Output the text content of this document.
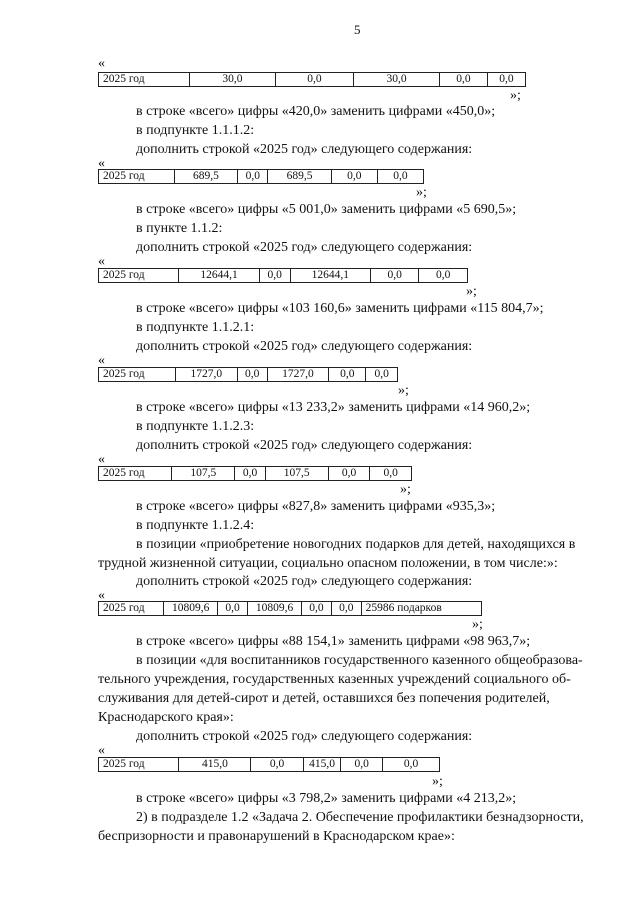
5
«
2025 год	30,0	0,0	30,0	0,0	0,0
»;
в строке «всего» цифры «420,0» заменить цифрами «450,0»;
в подпункте 1.1.1.2:
дополнить строкой «2025 год» следующего содержания:
«
2025 год	689,5	0,0	689,5	0,0	0,0
»;
в строке «всего» цифры «5 001,0» заменить цифрами «5 690,5»;
в пункте 1.1.2:
дополнить строкой «2025 год» следующего содержания:
«
2025 год	12644,1	0,0	12644,1	0,0	0,0
»;
в строке «всего» цифры «103 160,6» заменить цифрами «115 804,7»;
в подпункте 1.1.2.1:
дополнить строкой «2025 год» следующего содержания:
«
2025 год	1727,0	0,0	1727,0	0,0	0,0
»;
в строке «всего» цифры «13 233,2» заменить цифрами «14 960,2»;
в подпункте 1.1.2.3:
дополнить строкой «2025 год» следующего содержания:
«
2025 год	107,5	0,0	107,5	0,0	0,0
»;
в строке «всего» цифры «827,8» заменить цифрами «935,3»;
в подпункте 1.1.2.4:
в позиции «приобретение новогодних подарков для детей, находящихся в
трудной жизненной ситуации, социально опасном положении, в том числе:»:
дополнить строкой «2025 год» следующего содержания:
«
2025 год	10809,6	0,0	10809,6	0,0	0,0	25986 подарков
»;
в строке «всего» цифры «88 154,1» заменить цифрами «98 963,7»;
в позиции «для воспитанников государственного казенного общеобразова-
тельного учреждения, государственных казенных учреждений социального об-
служивания для детей-сирот и детей, оставшихся без попечения родителей,
Краснодарского края»:
дополнить строкой «2025 год» следующего содержания:
«
2025 год	415,0	0,0	415,0	0,0	0,0
»;
в строке «всего» цифры «3 798,2» заменить цифрами «4 213,2»;
2) в подразделе 1.2 «Задача 2. Обеспечение профилактики безнадзорности,
беспризорности и правонарушений в Краснодарском крае»:
